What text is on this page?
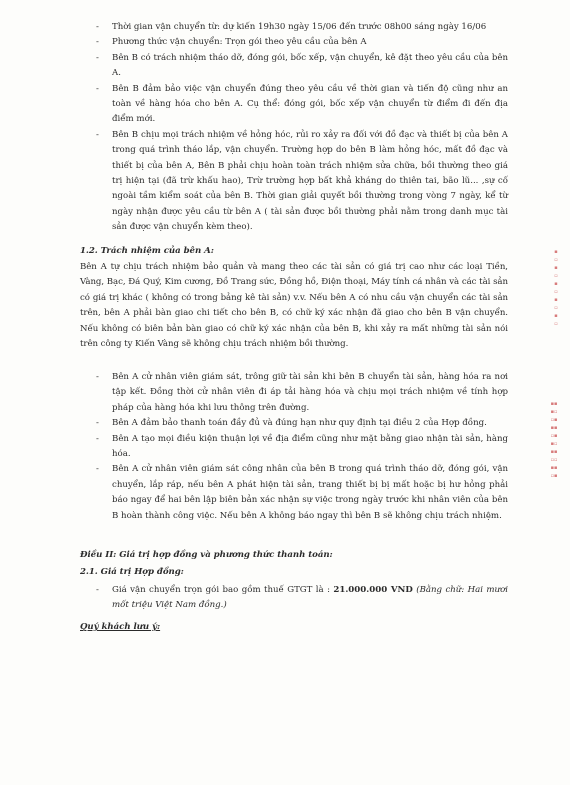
- Thời gian vận chuyển từ: dự kiến 19h30 ngày 15/06 đến trước 08h00 sáng ngày 16/06
- Phương thức vận chuyển: Trọn gói theo yêu cầu của bên A
- Bên B có trách nhiệm tháo dỡ, đóng gói, bốc xếp, vận chuyển, kê đặt theo yêu cầu của bên A.
- Bên B đảm bảo việc vận chuyển đúng theo yêu cầu về thời gian và tiến độ cũng như an toàn về hàng hóa cho bên A. Cụ thể: đóng gói, bốc xếp vận chuyển từ điểm đi đến địa điểm mới.
- Bên B chịu mọi trách nhiệm về hỏng hóc, rủi ro xảy ra đối với đồ đạc và thiết bị của bên A trong quá trình tháo lắp, vận chuyển. Trường hợp do bên B làm hỏng hóc, mất đồ đạc và thiết bị của bên A, Bên B phải chịu hoàn toàn trách nhiệm sửa chữa, bồi thường theo giá trị hiện tại (đã trừ khấu hao), Trừ trường hợp bất khả kháng do thiên tai, bão lũ... ,sự cố ngoài tầm kiểm soát của bên B. Thời gian giải quyết bồi thường trong vòng 7 ngày, kể từ ngày nhận được yêu cầu từ bên A ( tài sản được bồi thường phải nằm trong danh mục tài sản được vận chuyển kèm theo).
1.2. Trách nhiệm của bên A:
Bên A tự chịu trách nhiệm bảo quản và mang theo các tài sản có giá trị cao như các loại Tiền, Vàng, Bạc, Đá Quý, Kim cương, Đồ Trang sức, Đồng hồ, Điện thoại, Máy tính cá nhân và các tài sản có giá trị khác ( không có trong bảng kê tài sản) v.v. Nếu bên A có nhu cầu vận chuyển các tài sản trên, bên A phải bàn giao chi tiết cho bên B, có chữ ký xác nhận đã giao cho bên B vận chuyển. Nếu không có biên bản bàn giao có chữ ký xác nhận của bên B, khi xảy ra mất những tài sản nói trên công ty Kiến Vàng sẽ không chịu trách nhiệm bồi thường.
- Bên A cử nhân viên giám sát, trông giữ tài sản khi bên B chuyển tài sản, hàng hóa ra nơi tập kết. Đồng thời cử nhân viên đi áp tải hàng hóa và chịu mọi trách nhiệm về tính hợp pháp của hàng hóa khi lưu thông trên đường.
- Bên A đảm bảo thanh toán đầy đủ và đúng hạn như quy định tại điều 2 của Hợp đồng.
- Bên A tạo mọi điều kiện thuận lợi về địa điểm cũng như mặt bằng giao nhận tài sản, hàng hóa.
- Bên A cử nhân viên giám sát công nhân của bên B trong quá trình tháo dỡ, đóng gói, vận chuyển, lắp ráp, nếu bên A phát hiện tài sản, trang thiết bị bị mất hoặc bị hư hỏng phải báo ngay để hai bên lập biên bản xác nhận sự việc trong ngày trước khi nhân viên của bên B hoàn thành công việc. Nếu bên A không báo ngay thì bên B sẽ không chịu trách nhiệm.
Điều II: Giá trị hợp đồng và phương thức thanh toán:
2.1. Giá trị Hợp đồng:
- Giá vận chuyển trọn gói bao gồm thuế GTGT là : 21.000.000 VND (Bằng chữ: Hai mươi mốt triệu Việt Nam đồng.)
Quý khách lưu ý:
▪
▫
▪
▫
▪
▫
▪
▫
▪
▫
▪▪
▪▫
▫▪
▪▪
▫▪
▪▫
▪▪
▫▫
▪▪
▫▪
